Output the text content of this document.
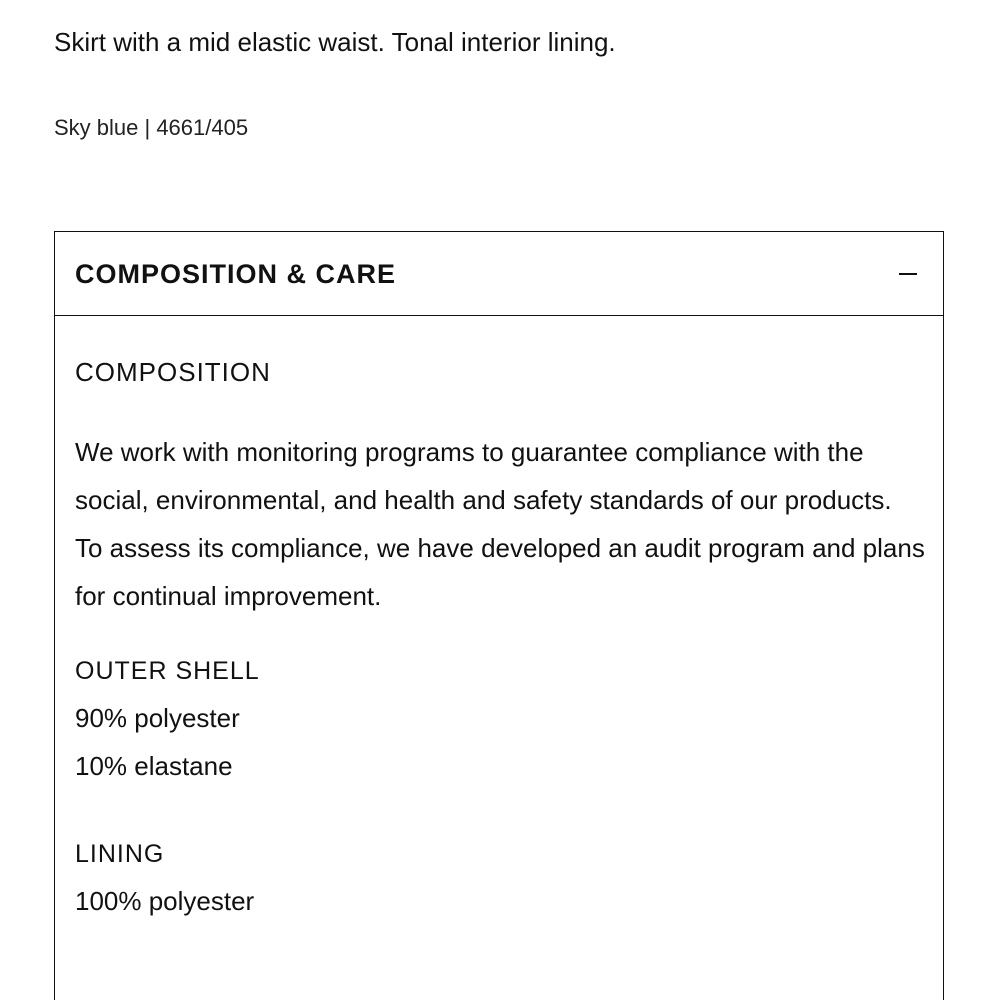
Skirt with a mid elastic waist. Tonal interior lining.

Sky blue | 4661/405

COMPOSITION & CARE
COMPOSITION

We work with monitoring programs to guarantee compliance with the social, environmental, and health and safety standards of our products. To assess its compliance, we have developed an audit program and plans for continual improvement.

OUTER SHELL

90% polyester

10% elastane

LINING

100% polyester
